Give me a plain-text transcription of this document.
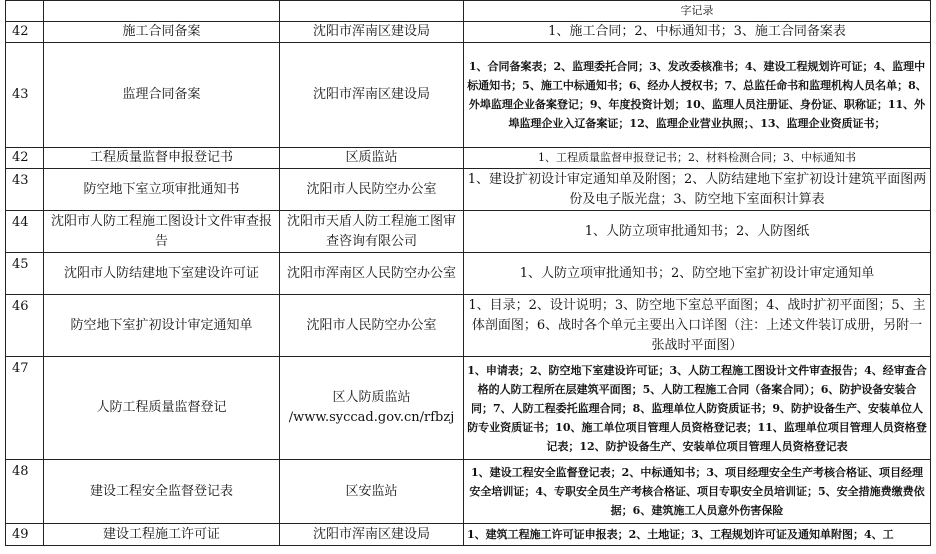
			字记录
42	施工合同备案	沈阳市浑南区建设局	1、施工合同；2、中标通知书；3、施工合同备案表
43	监理合同备案	沈阳市浑南区建设局	1、合同备案表；2、监理委托合同；3、发改委核准书；4、建设工程规划许可证；4、监理中标通知书；5、施工中标通知书；6、经办人授权书；7、总监任命书和监理机构人员名单；8、外埠监理企业备案登记；9、年度投资计划；10、监理人员注册证、身份证、职称证；11、外埠监理企业入辽备案证；12、监理企业营业执照；、13、监理企业资质证书；
42	工程质量监督申报登记书	区质监站	1、工程质量监督申报登记书；2、材料检测合同；3、中标通知书
43	防空地下室立项审批通知书	沈阳市人民防空办公室	1、建设扩初设计审定通知单及附图；2、人防结建地下室扩初设计建筑平面图两份及电子版光盘；3、防空地下室面积计算表
44	沈阳市人防工程施工图设计文件审查报告	沈阳市天盾人防工程施工图审查咨询有限公司	1、人防立项审批通知书；2、人防图纸
45	沈阳市人防结建地下室建设许可证	沈阳市浑南区人民防空办公室	1、人防立项审批通知书；2、防空地下室扩初设计审定通知单
46	防空地下室扩初设计审定通知单	沈阳市人民防空办公室	1、目录；2、设计说明；3、防空地下室总平面图；4、战时扩初平面图；5、主体剖面图；6、战时各个单元主要出入口详图（注：上述文件装订成册，另附一张战时平面图）
47	人防工程质量监督登记	区人防质监站 /www.syccad.gov.cn/rfbzj	1、申请表；2、防空地下室建设许可证；3、人防工程施工图设计文件审查报告；4、经审查合格的人防工程所在层建筑平面图；5、人防工程施工合同（备案合同）；6、防护设备安装合同；7、人防工程委托监理合同；8、监理单位人防资质证书；9、防护设备生产、安装单位人防专业资质证书；10、施工单位项目管理人员资格登记表；11、监理单位项目管理人员资格登记表；12、防护设备生产、安装单位项目管理人员资格登记表
48	建设工程安全监督登记表	区安监站	1、建设工程安全监督登记表；2、中标通知书；3、项目经理安全生产考核合格证、项目经理安全培训证；4、专职安全员生产考核合格证、项目专职安全员培训证；5、安全措施费缴费依据；6、建筑施工人员意外伤害保险
49	建设工程施工许可证	沈阳市浑南区建设局	1、建筑工程施工许可证申报表；2、土地证；3、工程规划许可证及通知单附图；4、工
